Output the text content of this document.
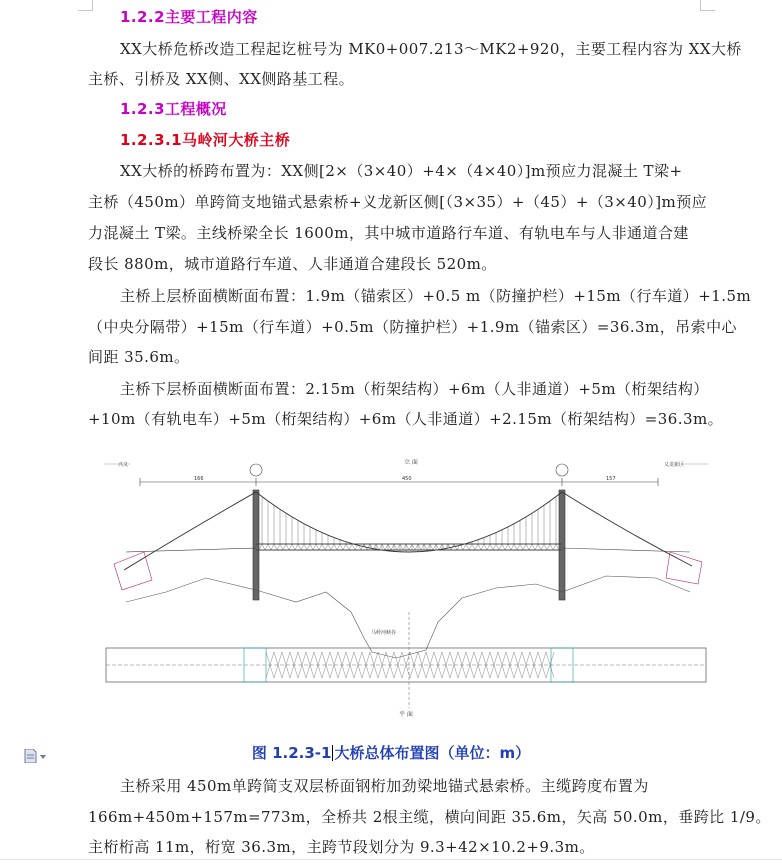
1.2.2主要工程内容
XX大桥危桥改造工程起讫桩号为 MK0+007.213～MK2+920，主要工程内容为 XX大桥
主桥、引桥及 XX侧、XX侧路基工程。
1.2.3工程概况
1.2.3.1马岭河大桥主桥
XX大桥的桥跨布置为：XX侧[2×（3×40）+4×（4×40）]m预应力混凝土 T梁+
主桥（450m）单跨简支地锚式悬索桥+义龙新区侧[（3×35）+（45）+（3×40）]m预应
力混凝土 T梁。主线桥梁全长 1600m，其中城市道路行车道、有轨电车与人非通道合建
段长 880m，城市道路行车道、人非通道合建段长 520m。
主桥上层桥面横断面布置：1.9m（锚索区）+0.5 m（防撞护栏）+15m（行车道）+1.5m
（中央分隔带）+15m（行车道）+0.5m（防撞护栏）+1.9m（锚索区）=36.3m，吊索中心
间距 35.6m。
主桥下层桥面横断面布置：2.15m（桁架结构）+6m（人非通道）+5m（桁架结构）
+10m（有轨电车）+5m（桁架结构）+6m（人非通道）+2.15m（桁架结构）=36.3m。
立 面
兴义	义龙新区
450
166	157
马岭河峡谷
平 面
图 1.2.3-1 大桥总体布置图（单位：m）
主桥采用 450m单跨简支双层桥面钢桁加劲梁地锚式悬索桥。主缆跨度布置为
166m+450m+157m=773m，全桥共 2根主缆，横向间距 35.6m，矢高 50.0m，垂跨比 1/9。
主桁桁高 11m，桁宽 36.3m，主跨节段划分为 9.3+42×10.2+9.3m。
